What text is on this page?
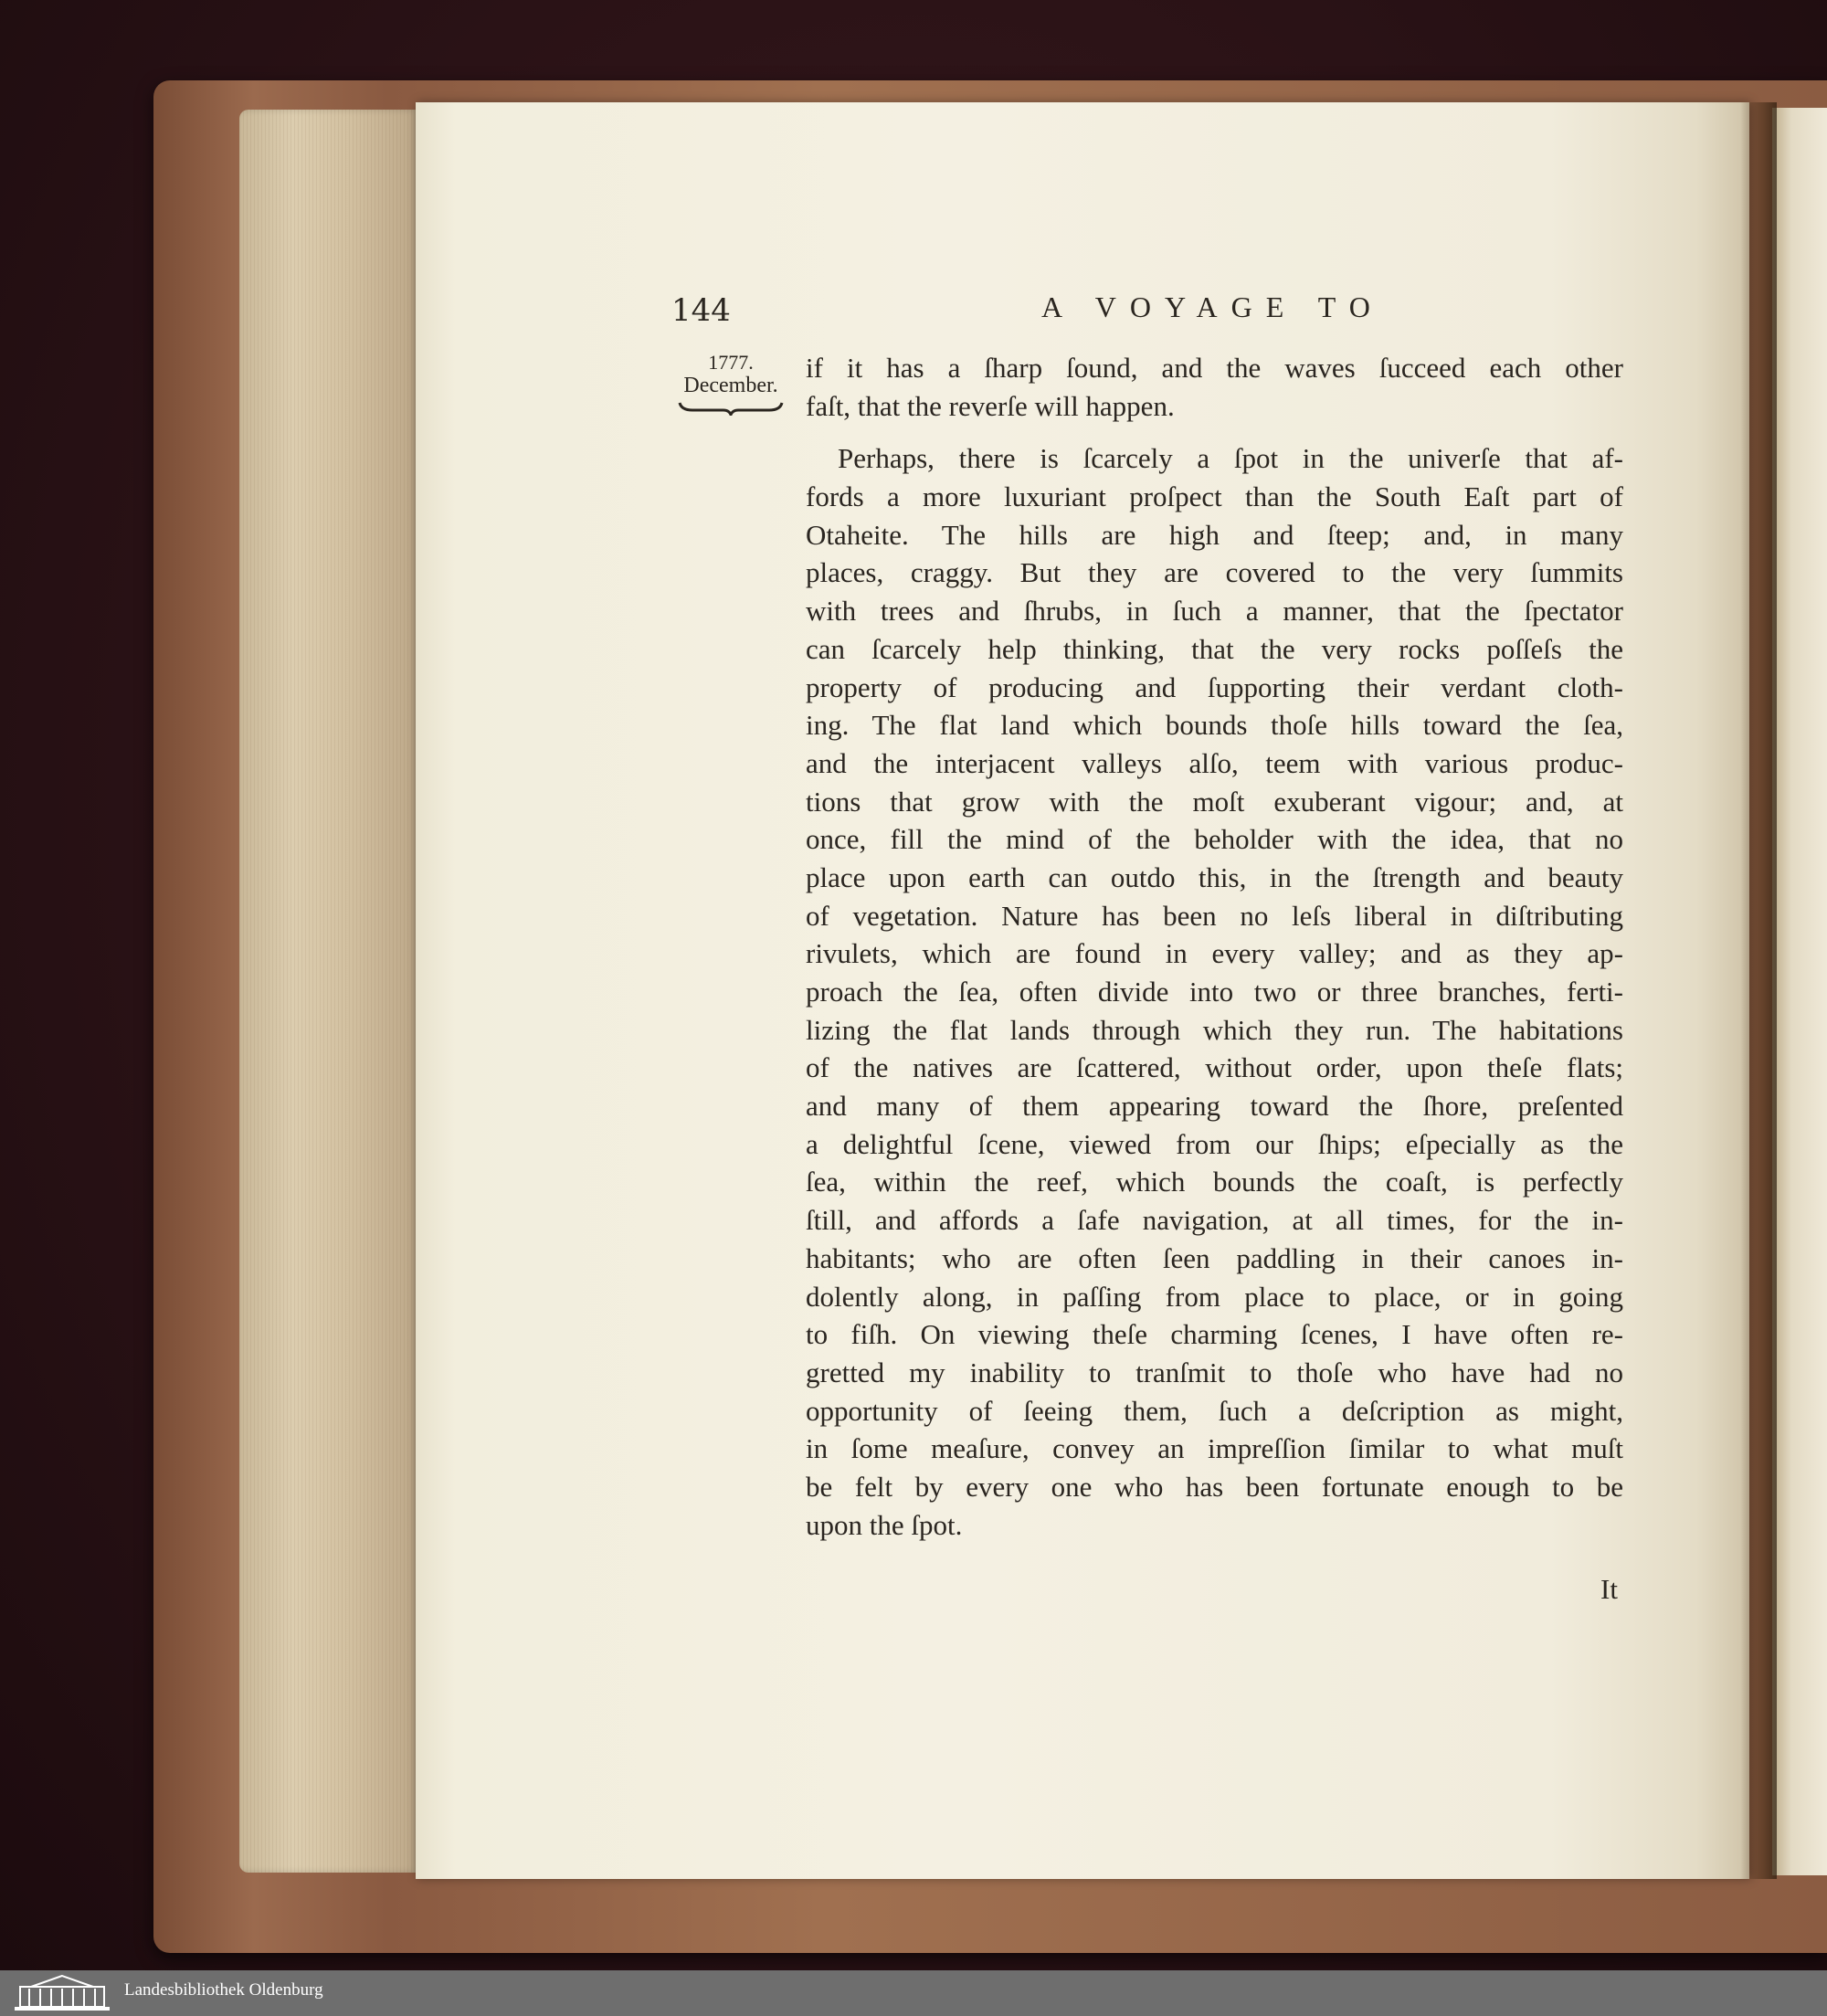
144	A VOYAGE TO
1777.
December.
if it has a ſharp ſound, and the waves ſucceed each other
faſt, that the reverſe will happen.
Perhaps, there is ſcarcely a ſpot in the univerſe that af-
fords a more luxuriant proſpect than the South Eaſt part of
Otaheite. The hills are high and ſteep; and, in many
places, craggy. But they are covered to the very ſummits
with trees and ſhrubs, in ſuch a manner, that the ſpectator
can ſcarcely help thinking, that the very rocks poſſeſs the
property of producing and ſupporting their verdant cloth-
ing. The flat land which bounds thoſe hills toward the ſea,
and the interjacent valleys alſo, teem with various produc-
tions that grow with the moſt exuberant vigour; and, at
once, fill the mind of the beholder with the idea, that no
place upon earth can outdo this, in the ſtrength and beauty
of vegetation. Nature has been no leſs liberal in diſtributing
rivulets, which are found in every valley; and as they ap-
proach the ſea, often divide into two or three branches, ferti-
lizing the flat lands through which they run. The habitations
of the natives are ſcattered, without order, upon theſe flats;
and many of them appearing toward the ſhore, preſented
a delightful ſcene, viewed from our ſhips; eſpecially as the
ſea, within the reef, which bounds the coaſt, is perfectly
ſtill, and affords a ſafe navigation, at all times, for the in-
habitants; who are often ſeen paddling in their canoes in-
dolently along, in paſſing from place to place, or in going
to fiſh. On viewing theſe charming ſcenes, I have often re-
gretted my inability to tranſmit to thoſe who have had no
opportunity of ſeeing them, ſuch a deſcription as might,
in ſome meaſure, convey an impreſſion ſimilar to what muſt
be felt by every one who has been fortunate enough to be
upon the ſpot.
It
Landesbibliothek Oldenburg
